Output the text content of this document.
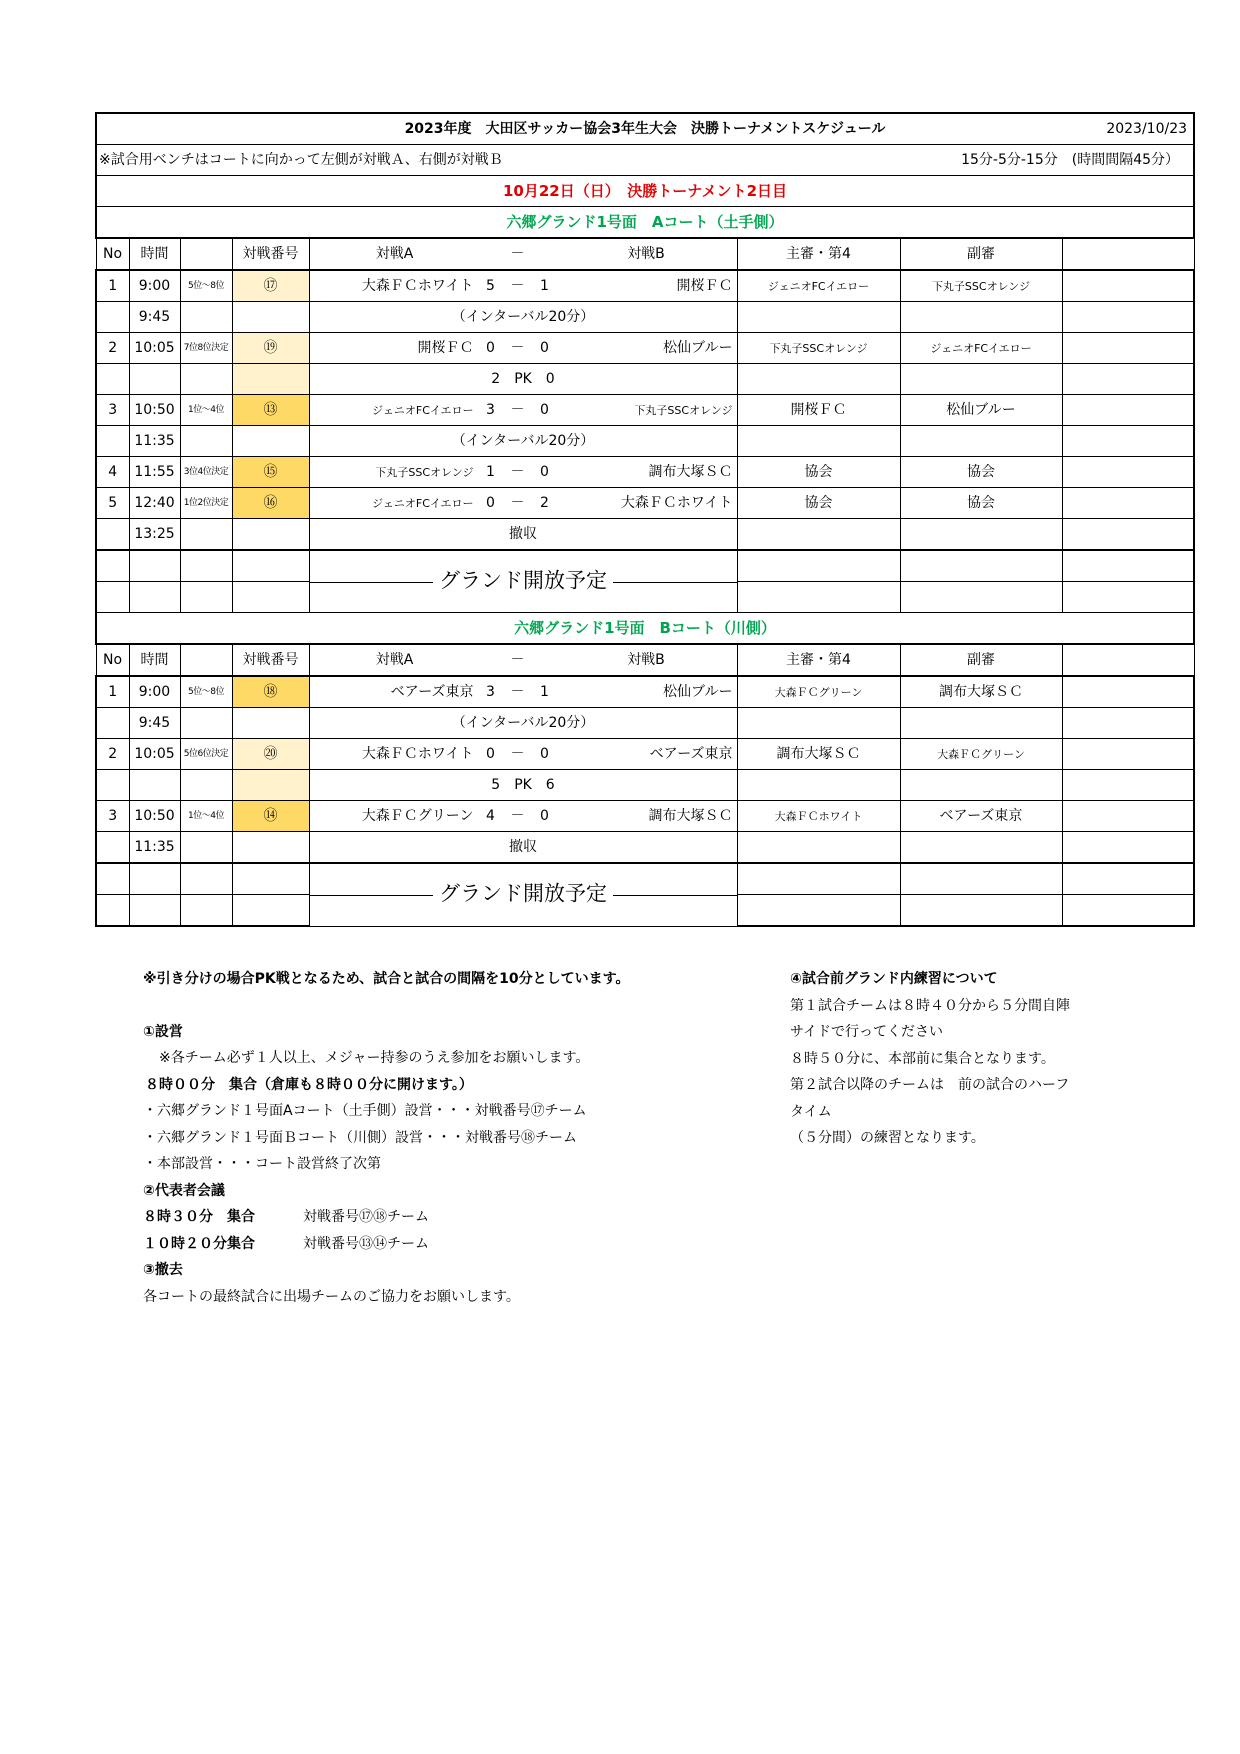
2023年度　大田区サッカー協会3年生大会　決勝トーナメントスケジュール 2023/10/23							

※試合用ベンチはコートに向かって左側が対戦Ａ、右側が対戦Ｂ 15分-5分-15分　(時間間隔45分）							

10月22日（日）　決勝トーナメント2日目							
六郷グランド1号面　Aコート（土手側）							
No	時間		対戦番号	対戦A － 対戦B	主審・第4	副審	
1	9:00	5位～8位	⑰	大森ＦＣホワイト 5 － 1 開桜ＦＣ	ジェニオFCイエロー	下丸子SSCオレンジ	
	9:45			（インターバル20分）			
2	10:05	7位8位決定	⑲	開桜ＦＣ 0 － 0 松仙ブルー	下丸子SSCオレンジ	ジェニオFCイエロー	
				2　PK　0			
3	10:50	1位～4位	⑬	ジェニオFCイエロー 3 － 0 下丸子SSCオレンジ	開桜ＦＣ	松仙ブルー	
	11:35			（インターバル20分）			
4	11:55	3位4位決定	⑮	下丸子SSCオレンジ 1 － 0 調布大塚ＳＣ	協会	協会	
5	12:40	1位2位決定	⑯	ジェニオFCイエロー 0 － 2 大森ＦＣホワイト	協会	協会	
	13:25			撤収			

				グランド開放予定			

六郷グランド1号面　Bコート（川側）							
No	時間		対戦番号	対戦A － 対戦B	主審・第4	副審	
1	9:00	5位～8位	⑱	ベアーズ東京 3 － 1 松仙ブルー	大森ＦＣグリーン	調布大塚ＳＣ	
	9:45			（インターバル20分）			
2	10:05	5位6位決定	⑳	大森ＦＣホワイト 0 － 0 ベアーズ東京	調布大塚ＳＣ	大森ＦＣグリーン	
				5　PK　6			
3	10:50	1位～4位	⑭	大森ＦＣグリーン 4 － 0 調布大塚ＳＣ	大森ＦＣホワイト	ベアーズ東京	
	11:35			撤収			

				グランド開放予定			

※引き分けの場合PK戦となるため、試合と試合の間隔を10分としています。
①設営
※各チーム必ず１人以上、メジャー持参のうえ参加をお願いします。
８時００分　集合（倉庫も８時００分に開けます。）
・六郷グランド１号面Aコート（土手側）設営・・・対戦番号⑰チーム
・六郷グランド１号面Ｂコート（川側）設営・・・対戦番号⑱チーム
・本部設営・・・コート設営終了次第
②代表者会議
８時３０分　集合	対戦番号⑰⑱チーム
１０時２０分集合	対戦番号⑬⑭チーム
③撤去
各コートの最終試合に出場チームのご協力をお願いします。
④試合前グランド内練習について
第１試合チームは８時４０分から５分間自陣
サイドで行ってください
８時５０分に、本部前に集合となります。
第２試合以降のチームは　前の試合のハーフ
タイム
（５分間）の練習となります。
